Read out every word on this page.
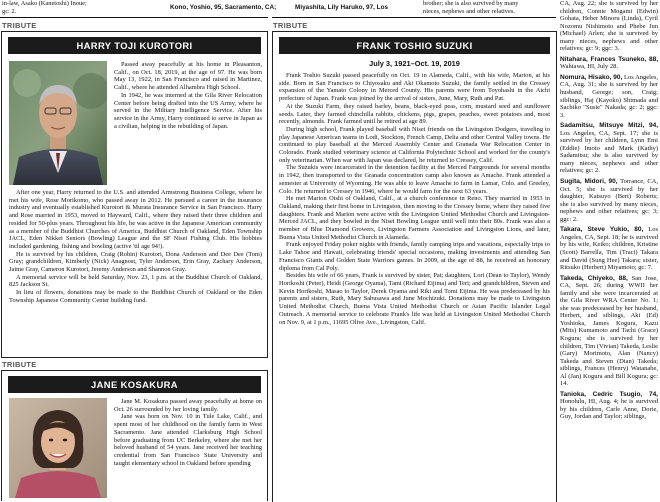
in-law, Asako (Kanetoshi) Inoue;
gc: 2.
Kono, Yoshio, 95, Sacramento, CA;	Miyashita, Lily Haruko, 97, Los
brother; she is also survived by many
nieces, nephews and other relatives.
TRIBUTE
HARRY TOJI KUROTORI

Passed away peacefully at his home in Pleasanton, Calif., on Oct. 18, 2019, at the age of 97. He was born May 13, 1922, in San Francisco and raised in Martinez, Calif., where he attended Alhambra High School.

In 1942, he was interned at the Gila River Relocation Center before being drafted into the US Army, where he served in the Military Intelligence Service. After his service in the Army, Harry continued to serve in Japan as a civilian, helping in the rebuilding of Japan.

After one year, Harry returned to the U.S. and attended Armstrong Business College, where he met his wife, Rose Morikomo, who passed away in 2012. He pursued a career in the insurance industry and eventually established Kurotori & Murata Insurance Service in San Francisco. Harry and Rose married in 1953, moved to Hayward, Calif., where they raised their three children and resided for 50-plus years. Throughout his life, he was active in the Japanese American community as a member of the Buddhist Churches of America, Buddhist Church of Oakland, Eden Township JACL, Eden Nikkei Seniors (Bowling) League and the SF Nisei Fishing Club. His hobbies included gardening, fishing and bowling (active 'til age 94!).

He is survived by his children, Craig (Robin) Kurotori, Dona Anderson and Dee Dee (Tom) Gray; grandchildren, Kimberly (Nick) Anagnost, Tyler Anderson, Erin Gray, Zachary Anderson, Jaime Gray, Cameron Kurotori, Jeremy Anderson and Shannon Gray.

A memorial service will be held Saturday, Nov. 23, 1 p.m. at the Buddhist Church of Oakland, 825 Jackson St.

In lieu of flowers, donations may be made to the Buddhist Church of Oakland or the Eden Township Japanese Community Center building fund.

TRIBUTE
JANE KOSAKURA

Jane M. Kosakura passed away peacefully at home on Oct. 26 surrounded by her loving family.

Jane was born on Nov. 10 in Tule Lake, Calif., and spent most of her childhood on the family farm in West Sacramento. Jane attended Clarksburg High School before graduating from UC Berkeley, where she met her beloved husband of 54 years. Jane received her teaching credential from San Francisco State University and taught elementary school in Oakland before spending

TRIBUTE
FRANK TOSHIO SUZUKI
July 3, 1921–Oct. 19, 2019

Frank Toshio Suzuki passed peacefully on Oct. 19 in Alameda, Calif., with his wife, Marion, at his side. Born in San Francisco to Chiyosaku and Aki Okamoto Suzuki, the family settled in the Cressey expansion of the Yamato Colony in Merced County. His parents were from Toyohashi in the Aichi prefecture of Japan. Frank was joined by the arrival of sisters, June, Mary, Ruth and Pat.

At the Suzuki Farm, they raised barley, beans, black-eyed peas, corn, mustard seed and sunflower seeds. Later, they farmed chinchilla rabbits, chickens, pigs, grapes, peaches, sweet potatoes and, most recently, almonds. Frank farmed until he retired at age 89.

During high school, Frank played baseball with Nisei friends on the Livingston Dodgers, traveling to play Japanese American teams in Lodi, Stockton, French Camp, Delta and other Central Valley towns. He continued to play baseball at the Merced Assembly Center and Granada War Relocation Center in Colorado. Frank studied veterinary science at California Polytechnic School and worked for the county's only veterinarian. When war with Japan was declared, he returned to Cressey, Calif.

The Suzukis were incarcerated in the detention facility at the Merced Fairgrounds for several months in 1942, then transported to the Granada concentration camp also known as Amache. Frank attended a semester at University of Wyoming. He was able to leave Amache to farm in Lamar, Colo. and Greeley, Colo. He returned to Cressey in 1946, where he would farm for the next 63 years.

He met Marion Oishi of Oakland, Calif., at a church conference in Reno. They married in 1953 in Oakland, making their first home in Livingston, then moving to the Cressey home, where they raised five daughters. Frank and Marion were active with the Livingston United Methodist Church and Livingston-Merced JACL, and they bowled in the Nisei Bowling League until well into their 80s. Frank was also a member of Blue Diamond Growers, Livingston Farmers Association and Livingston Lions, and later, Buena Vista United Methodist Church in Alameda.

Frank enjoyed Friday poker nights with friends, family camping trips and vacations, especially trips to Lake Tahoe and Hawaii, celebrating friends' special occasions, making investments and attending San Francisco Giants and Golden State Warriors games. In 2009, at the age of 88, he received an honorary diploma from Cal Poly.

Besides his wife of 66 years, Frank is survived by sister, Pat; daughters, Lori (Dean to Taylor), Wendy Horikoshi (Peter), Heidi (George Oyama), Tami (Richard Eijima) and Teri; and grandchildren, Steven and Kevin Horikoshi, Masao to Taylor, Derek Oyama and Riki and Tomi Eijima. He was predeceased by his parents and sisters, Ruth, Mary Sabusawa and June Mochizuki. Donations may be made to Livingston United Methodist Church, Buena Vista United Methodist Church or Asian Pacific Islander Legal Outreach. A memorial service to celebrate Frank's life was held at Livingston United Methodist Church on Nov. 9, at 1 p.m., 11695 Olive Ave., Livingston, Calif.

CA, Aug. 22; she is survived by her children, Connie Mogami (Edwin) Gohata, Heber Minoru (Linda), Cyril Nozomu Nishimoto and Phebe Jun (Michael) Arlen; she is survived by many nieces, nephews and other relatives; gc: 9; ggc: 3.

Nitahara, Frances Tsuneko, 88, Wahiawa, HI, July 28.

Nomura, Hisako, 90, Los Angeles, CA, Aug. 31; she is survived by her husband, George; son, Craig; siblings, Haj (Kayoko) Shimada and Sachiko "Susie" Nakada; gc: 2; ggc: 3.

Sadamitsu, Mitsuye Mitzi, 94, Los Angeles, CA, Sept. 17; she is survived by her children, Lynn Emi (Eddie) Imoto and Mark (Kathy) Sadamitsu; she is also survived by many nieces, nephews and other relatives; gc: 2.

Sugita, Midori, 90, Torrance, CA, Oct. 5; she is survived by her daughter, Katsuyo (Bert) Roberts; she is also survived by many nieces, nephews and other relatives; gc: 3; ggc: 2.

Takara, Steve Yukio, 80, Los Angeles, CA, Sept. 18; he is survived by his wife, Keiko; children, Kristine (Scott) Barrella, Tim (Traci) Takara and David (Sung Hee) Takara; sister, Ritsuko (Herbert) Miyamoto; gc: 7.

Takeda, Chiyeko, 88, San Jose, CA, Sept. 26; during WWII her family and she were incarcerated at the Gila River WRA Center No. 1; she was predeceased by her husband, Herbert, and siblings, Aki (Ed) Yoshioka, James Kogura, Kazu (Mits) Kumamoto and Tachi (Grace) Kogura; she is survived by her children, Tim (Vivian) Takeda, Leslie (Gary) Morimoto, Alan (Nancy) Takeda and Steven (Dian) Takeda; siblings, Frances (Henry) Watanabe, Al (Jan) Kogura and Bill Kogura; gc: 14.

Tanioka, Cedric Tsugio, 74, Honolulu, HI, Aug. 4; he is survived by his children, Carle Anne, Dorie, Guy, Jordan and Taylor; siblings,
